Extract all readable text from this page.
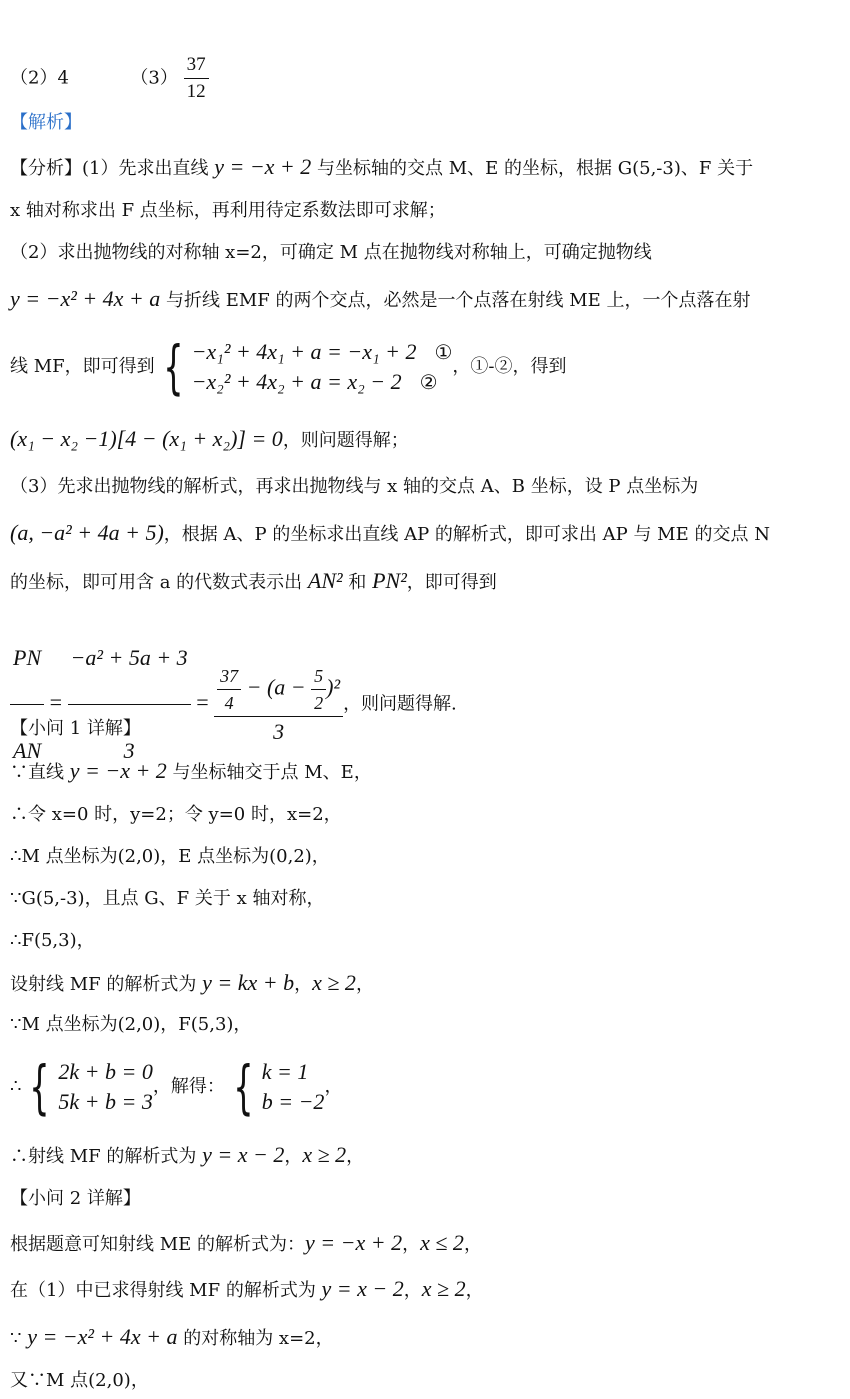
（2）4	$(3) \frac{37}{12}$
【解析】
【分析】(1）先求出直线 y = −x + 2 与坐标轴的交点 M、E 的坐标，根据 G(5,-3)、F 关于
x 轴对称求出 F 点坐标，再利用待定系数法即可求解；
（2）求出抛物线的对称轴 x=2，可确定 M 点在抛物线对称轴上，可确定抛物线
y = −x² + 4x + a 与折线 EMF 的两个交点，必然是一个点落在射线 ME 上，一个点落在射
线 MF，即可得到 { −x₁² + 4x₁ + a = −x₁ + 2 ①
−x₂² + 4x₂ + a = x₂ − 2 ②
，①-②，得到
(x₁ − x₂ −1)[4 − (x₁ + x₂)] = 0，则问题得解；
（3）先求出抛物线的解析式，再求出抛物线与 x 轴的交点 A、B 坐标，设 P 点坐标为
(a, −a² + 4a + 5)，根据 A、P 的坐标求出直线 AP 的解析式，即可求出 AP 与 ME 的交点 N
的坐标，即可用含 a 的代数式表示出 AN² 和 PN²，即可得到
$\frac{PN}{AN} = \frac{\text{−a² + 5a + 3}}{3} = \frac{\frac{37}{4} - (a - \frac{5}{2} )^2}{3}$ ，则问题得解.
【小问 1 详解】
∵直线 y = −x + 2 与坐标轴交于点 M、E，
∴令 x=0 时，y=2；令 y=0 时，x=2，
∴M 点坐标为(2,0)，E 点坐标为(0,2)，
∵G(5,-3)，且点 G、F 关于 x 轴对称，
∴F(5,3)，
设射线 MF 的解析式为 y = kx + b，x ≥ 2，
∵M 点坐标为(2,0)，F(5,3)，
∴ { 2k + b = 0
5k + b = 3
，解得： { k = 1
b = −2
，
∴射线 MF 的解析式为 y = x − 2，x ≥ 2，
【小问 2 详解】
根据题意可知射线 ME 的解析式为：y = −x + 2，x ≤ 2，
在（1）中已求得射线 MF 的解析式为 y = x − 2，x ≥ 2，
∵ y = −x² + 4x + a 的对称轴为 x=2，
又∵M 点(2,0)，
